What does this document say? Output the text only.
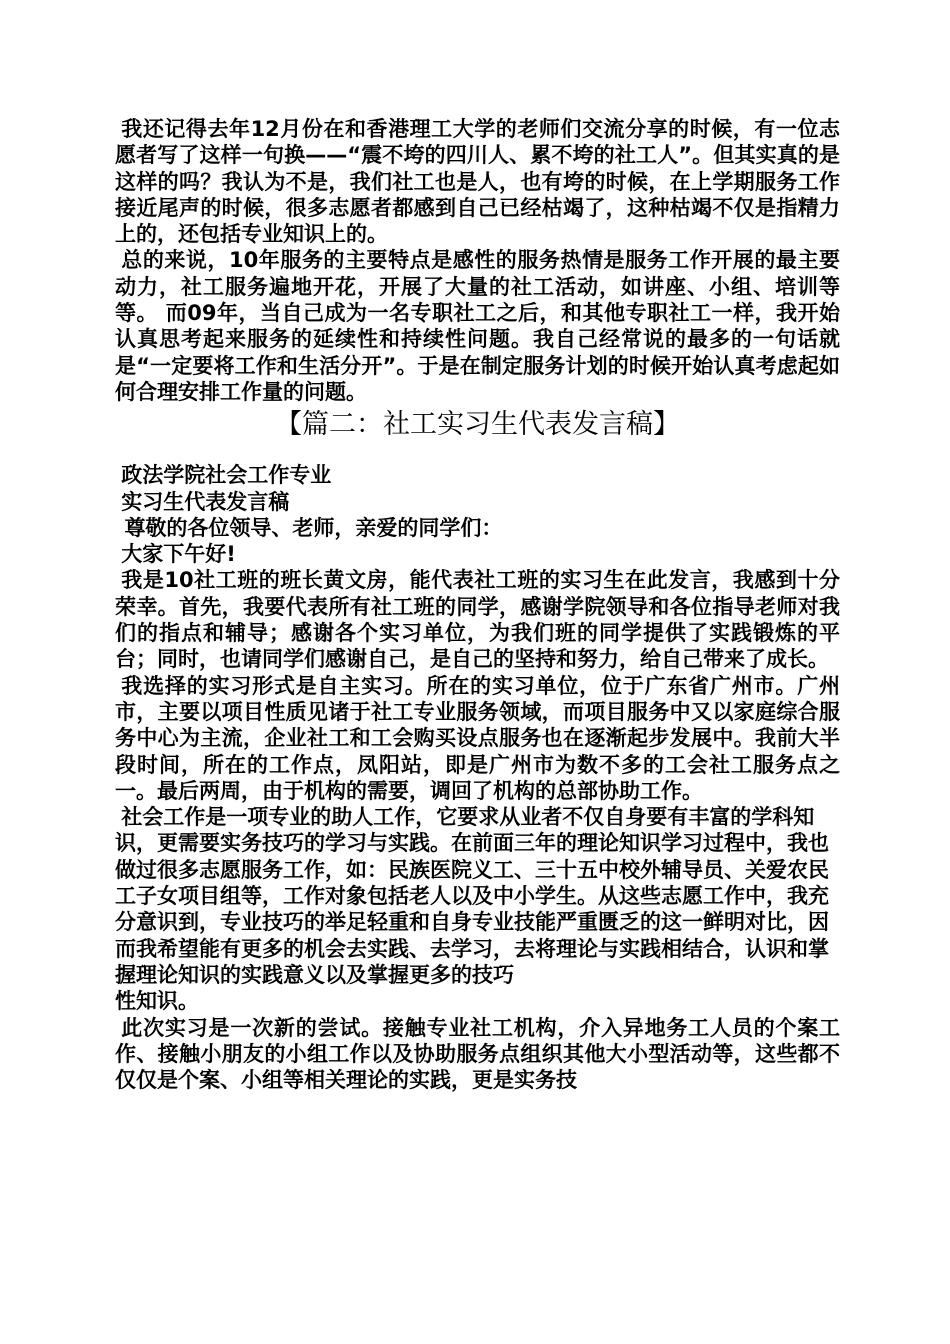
我还记得去年12月份在和香港理工大学的老师们交流分享的时候，有一位志愿者写了这样一句换——“震不垮的四川人、累不垮的社工人”。但其实真的是这样的吗？我认为不是，我们社工也是人，也有垮的时候，在上学期服务工作接近尾声的时候，很多志愿者都感到自己已经枯竭了，这种枯竭不仅是指精力上的，还包括专业知识上的。

总的来说，10年服务的主要特点是感性的服务热情是服务工作开展的最主要动力，社工服务遍地开花，开展了大量的社工活动，如讲座、小组、培训等等。 而09年，当自己成为一名专职社工之后，和其他专职社工一样，我开始认真思考起来服务的延续性和持续性问题。我自己经常说的最多的一句话就是“一定要将工作和生活分开”。于是在制定服务计划的时候开始认真考虑起如何合理安排工作量的问题。

【篇二：社工实习生代表发言稿】

政法学院社会工作专业

实习生代表发言稿

尊敬的各位领导、老师，亲爱的同学们：

大家下午好!

我是10社工班的班长黄文房，能代表社工班的实习生在此发言，我感到十分荣幸。首先，我要代表所有社工班的同学，感谢学院领导和各位指导老师对我们的指点和辅导；感谢各个实习单位，为我们班的同学提供了实践锻炼的平台；同时，也请同学们感谢自己，是自己的坚持和努力，给自己带来了成长。

我选择的实习形式是自主实习。所在的实习单位，位于广东省广州市。广州市，主要以项目性质见诸于社工专业服务领域，而项目服务中又以家庭综合服务中心为主流，企业社工和工会购买设点服务也在逐渐起步发展中。我前大半段时间，所在的工作点，凤阳站，即是广州市为数不多的工会社工服务点之一。最后两周，由于机构的需要，调回了机构的总部协助工作。

社会工作是一项专业的助人工作，它要求从业者不仅自身要有丰富的学科知识，更需要实务技巧的学习与实践。在前面三年的理论知识学习过程中，我也做过很多志愿服务工作，如：民族医院义工、三十五中校外辅导员、关爱农民工子女项目组等，工作对象包括老人以及中小学生。从这些志愿工作中，我充分意识到，专业技巧的举足轻重和自身专业技能严重匮乏的这一鲜明对比，因而我希望能有更多的机会去实践、去学习，去将理论与实践相结合，认识和掌握理论知识的实践意义以及掌握更多的技巧

性知识。

此次实习是一次新的尝试。接触专业社工机构，介入异地务工人员的个案工作、接触小朋友的小组工作以及协助服务点组织其他大小型活动等，这些都不仅仅是个案、小组等相关理论的实践，更是实务技
